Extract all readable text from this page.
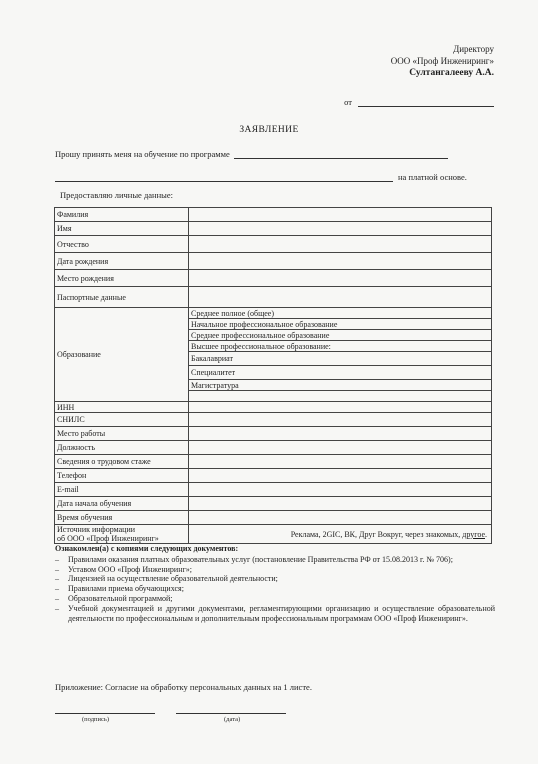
Директору
ООО «Проф Инжениринг»
Султангалееву А.А.
от
ЗАЯВЛЕНИЕ
Прошу принять меня на обучение по программе
на платной основе.
Предоставляю личные данные:
Фамилия	
Имя	
Отчество	
Дата рождения	
Место рождения	
Паспортные данные	
Образование	Среднее полное (общее)
	Начальное профессиональное образование
	Среднее профессиональное образование
	Высшее профессиональное образование:
	Бакалавриат
	Специалитет
	Магистратура

ИНН	
СНИЛС	
Место работы	
Должность	
Сведения о трудовом стаже	
Телефон	
E-mail	
Дата начала обучения	
Время обучения	

Источник информации
об ООО «Проф Инжениринг»	Реклама, 2GIC, ВК, Друг Вокруг, через знакомых, другое.
Ознакомлен(а) с копиями следующих документов:
– Правилами оказания платных образовательных услуг (постановление Правительства РФ от 15.08.2013 г. № 706);
– Уставом ООО «Проф Инжениринг»;
– Лицензией на осуществление образовательной деятельности;
– Правилами приема обучающихся;
– Образовательной программой;
– Учебной документацией и другими документами, регламентирующими организацию и осуществление образовательной деятельности по профессиональным и дополнительным профессиональным программам ООО «Проф Инжениринг».
Приложение: Согласие на обработку персональных данных на 1 листе.
(подпись)	(дата)
